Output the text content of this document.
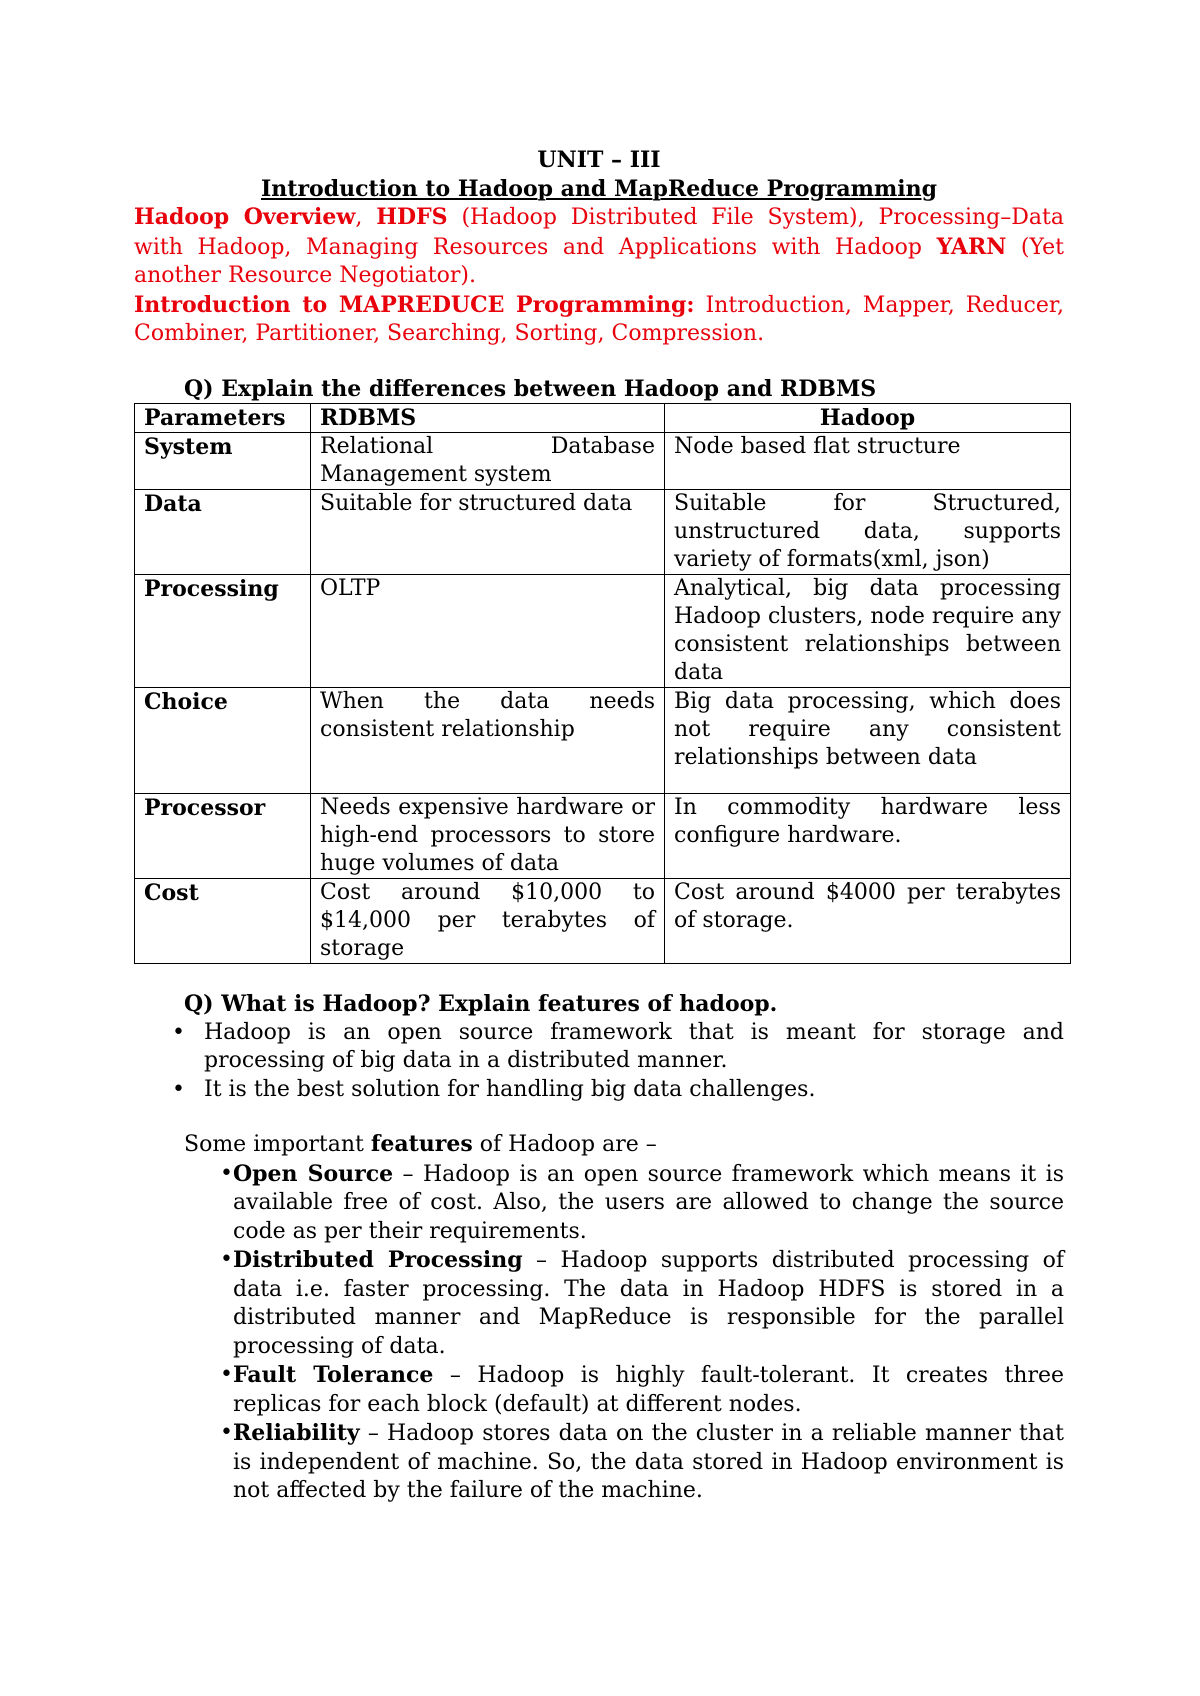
UNIT – III
Introduction to Hadoop and MapReduce Programming
Hadoop Overview, HDFS (Hadoop Distributed File System), Processing–Data with Hadoop, Managing Resources and Applications with Hadoop YARN (Yet another Resource Negotiator).
Introduction to MAPREDUCE Programming: Introduction, Mapper, Reducer, Combiner, Partitioner, Searching, Sorting, Compression.
Q) Explain the differences between Hadoop and RDBMS
Parameters	RDBMS	Hadoop
System	Relational Database Management system	Node based flat structure
Data	Suitable for structured data	Suitable for Structured, unstructured data, supports variety of formats(xml, json)
Processing	OLTP	Analytical, big data processing Hadoop clusters, node require any consistent relationships between data
Choice	When the data needs consistent relationship	Big data processing, which does not require any consistent relationships between data
Processor	Needs expensive hardware or high-end processors to store huge volumes of data	In commodity hardware less configure hardware.
Cost	Cost around $10,000 to $14,000 per terabytes of storage	Cost around $4000 per terabytes of storage.
Q) What is Hadoop? Explain features of hadoop.
• Hadoop is an open source framework that is meant for storage and processing of big data in a distributed manner.
• It is the best solution for handling big data challenges.
Some important features of Hadoop are –
• Open Source – Hadoop is an open source framework which means it is available free of cost. Also, the users are allowed to change the source code as per their requirements.
• Distributed Processing – Hadoop supports distributed processing of data i.e. faster processing. The data in Hadoop HDFS is stored in a distributed manner and MapReduce is responsible for the parallel processing of data.
• Fault Tolerance – Hadoop is highly fault-tolerant. It creates three replicas for each block (default) at different nodes.
• Reliability – Hadoop stores data on the cluster in a reliable manner that is independent of machine. So, the data stored in Hadoop environment is not affected by the failure of the machine.
